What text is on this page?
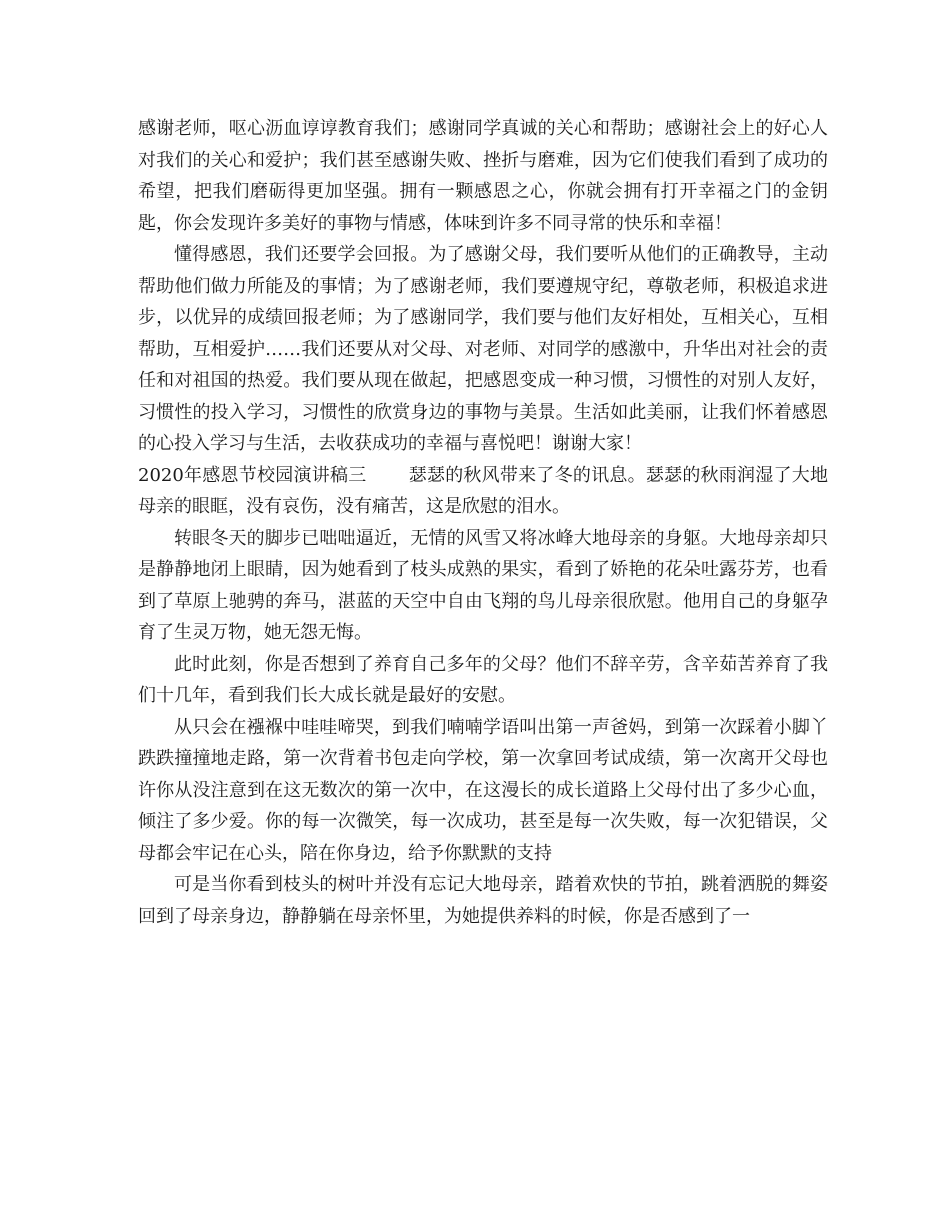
感谢老师，呕心沥血谆谆教育我们；感谢同学真诚的关心和帮助；感谢社会上的好心人对我们的关心和爱护；我们甚至感谢失败、挫折与磨难，因为它们使我们看到了成功的希望，把我们磨砺得更加坚强。拥有一颗感恩之心，你就会拥有打开幸福之门的金钥匙，你会发现许多美好的事物与情感，体味到许多不同寻常的快乐和幸福！

懂得感恩，我们还要学会回报。为了感谢父母，我们要听从他们的正确教导，主动帮助他们做力所能及的事情；为了感谢老师，我们要遵规守纪，尊敬老师，积极追求进步，以优异的成绩回报老师；为了感谢同学，我们要与他们友好相处，互相关心，互相帮助，互相爱护……我们还要从对父母、对老师、对同学的感激中，升华出对社会的责任和对祖国的热爱。我们要从现在做起，把感恩变成一种习惯，习惯性的对别人友好，习惯性的投入学习，习惯性的欣赏身边的事物与美景。生活如此美丽，让我们怀着感恩的心投入学习与生活，去收获成功的幸福与喜悦吧！谢谢大家！

2020年感恩节校园演讲稿三 瑟瑟的秋风带来了冬的讯息。瑟瑟的秋雨润湿了大地母亲的眼眶，没有哀伤，没有痛苦，这是欣慰的泪水。

转眼冬天的脚步已咄咄逼近，无情的风雪又将冰峰大地母亲的身躯。大地母亲却只是静静地闭上眼睛，因为她看到了枝头成熟的果实，看到了娇艳的花朵吐露芬芳，也看到了草原上驰骋的奔马，湛蓝的天空中自由飞翔的鸟儿母亲很欣慰。他用自己的身躯孕育了生灵万物，她无怨无悔。

此时此刻，你是否想到了养育自己多年的父母？他们不辞辛劳，含辛茹苦养育了我们十几年，看到我们长大成长就是最好的安慰。

从只会在襁褓中哇哇啼哭，到我们喃喃学语叫出第一声爸妈，到第一次踩着小脚丫跌跌撞撞地走路，第一次背着书包走向学校，第一次拿回考试成绩，第一次离开父母也许你从没注意到在这无数次的第一次中，在这漫长的成长道路上父母付出了多少心血，倾注了多少爱。你的每一次微笑，每一次成功，甚至是每一次失败，每一次犯错误，父母都会牢记在心头，陪在你身边，给予你默默的支持

可是当你看到枝头的树叶并没有忘记大地母亲，踏着欢快的节拍，跳着洒脱的舞姿回到了母亲身边，静静躺在母亲怀里，为她提供养料的时候，你是否感到了一
